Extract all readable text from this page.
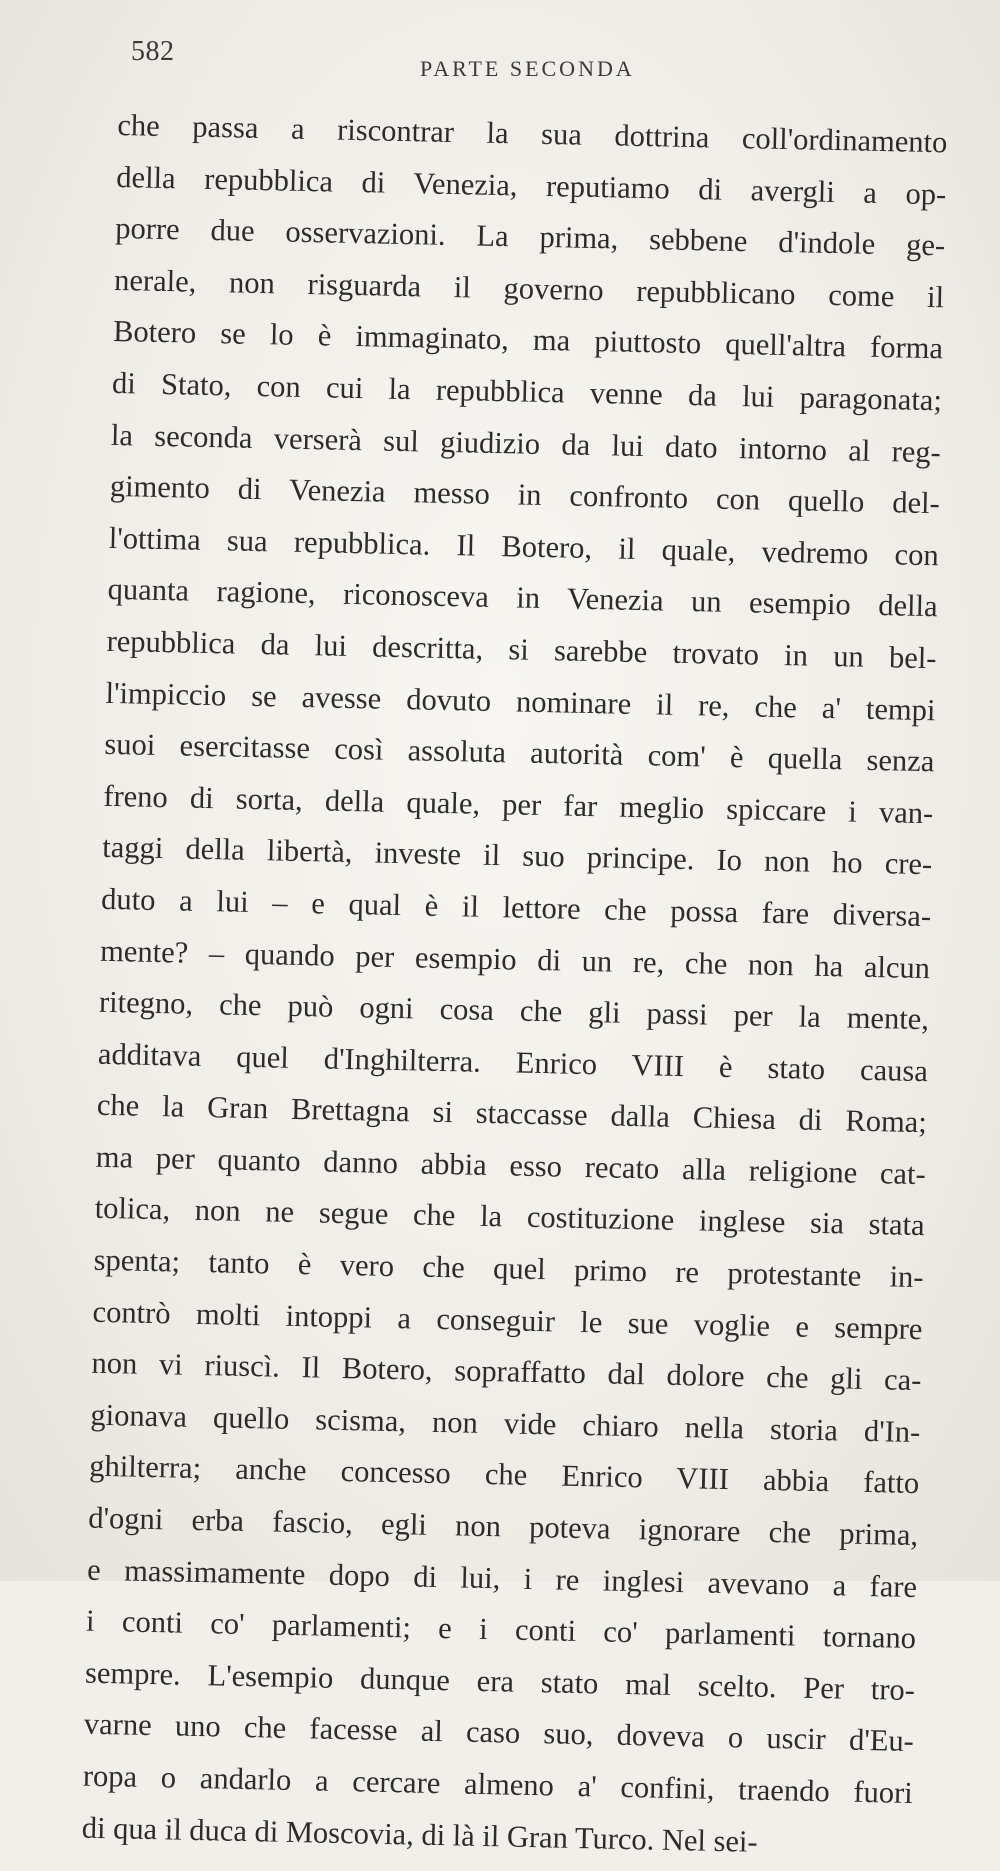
582
PARTE SECONDA
che passa a riscontrar la sua dottrina coll'ordinamento
della repubblica di Venezia, reputiamo di avergli a op-
porre due osservazioni. La prima, sebbene d'indole ge-
nerale, non risguarda il governo repubblicano come il
Botero se lo è immaginato, ma piuttosto quell'altra forma
di Stato, con cui la repubblica venne da lui paragonata;
la seconda verserà sul giudizio da lui dato intorno al reg-
gimento di Venezia messo in confronto con quello del-
l'ottima sua repubblica. Il Botero, il quale, vedremo con
quanta ragione, riconosceva in Venezia un esempio della
repubblica da lui descritta, si sarebbe trovato in un bel-
l'impiccio se avesse dovuto nominare il re, che a' tempi
suoi esercitasse così assoluta autorità com' è quella senza
freno di sorta, della quale, per far meglio spiccare i van-
taggi della libertà, investe il suo principe. Io non ho cre-
duto a lui – e qual è il lettore che possa fare diversa-
mente? – quando per esempio di un re, che non ha alcun
ritegno, che può ogni cosa che gli passi per la mente,
additava quel d'Inghilterra. Enrico VIII è stato causa
che la Gran Brettagna si staccasse dalla Chiesa di Roma;
ma per quanto danno abbia esso recato alla religione cat-
tolica, non ne segue che la costituzione inglese sia stata
spenta; tanto è vero che quel primo re protestante in-
contrò molti intoppi a conseguir le sue voglie e sempre
non vi riuscì. Il Botero, sopraffatto dal dolore che gli ca-
gionava quello scisma, non vide chiaro nella storia d'In-
ghilterra; anche concesso che Enrico VIII abbia fatto
d'ogni erba fascio, egli non poteva ignorare che prima,
e massimamente dopo di lui, i re inglesi avevano a fare
i conti co' parlamenti; e i conti co' parlamenti tornano
sempre. L'esempio dunque era stato mal scelto. Per tro-
varne uno che facesse al caso suo, doveva o uscir d'Eu-
ropa o andarlo a cercare almeno a' confini, traendo fuori
di qua il duca di Moscovia, di là il Gran Turco. Nel sei-
